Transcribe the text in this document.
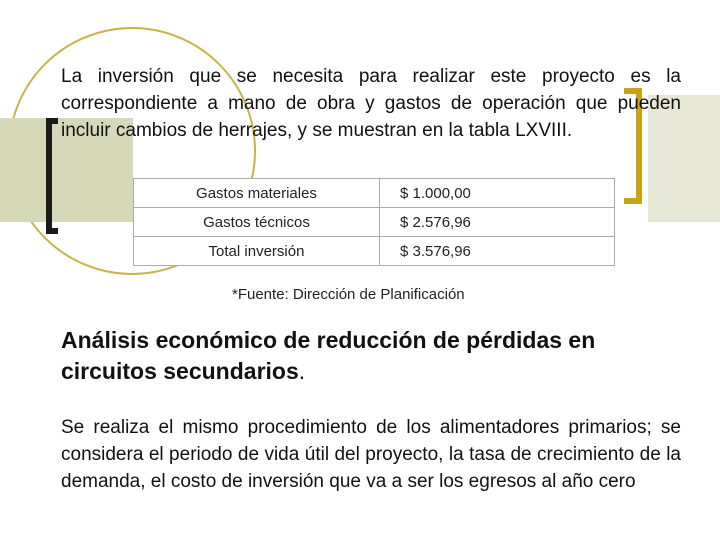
La inversión que se necesita para realizar este proyecto es la correspondiente a mano de obra y gastos de operación que pueden incluir cambios de herrajes, y se muestran en la tabla LXVIII.

Gastos materiales	$ 1.000,00
Gastos técnicos	$ 2.576,96
Total inversión	$ 3.576,96
*Fuente: Dirección de Planificación
Análisis económico de reducción de pérdidas en circuitos secundarios.

Se realiza el mismo procedimiento de los alimentadores primarios; se considera el periodo de vida útil del proyecto, la tasa de crecimiento de la demanda, el costo de inversión que va a ser los egresos al año cero
